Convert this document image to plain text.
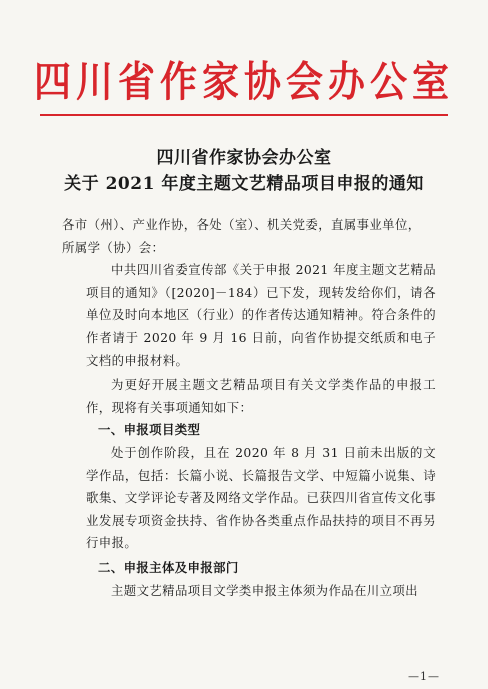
四川省作家协会办公室
四川省作家协会办公室
关于 2021 年度主题文艺精品项目申报的通知

各市（州）、产业作协，各处（室）、机关党委，直属事业单位，

所属学（协）会：

中共四川省委宣传部《关于申报 2021 年度主题文艺精品项目的通知》（[2020]－184）已下发，现转发给你们，请各单位及时向本地区（行业）的作者传达通知精神。符合条件的作者请于 2020 年 9 月 16 日前，向省作协提交纸质和电子文档的申报材料。

为更好开展主题文艺精品项目有关文学类作品的申报工作，现将有关事项通知如下：

一、申报项目类型

处于创作阶段，且在 2020 年 8 月 31 日前未出版的文学作品，包括：长篇小说、长篇报告文学、中短篇小说集、诗歌集、文学评论专著及网络文学作品。已获四川省宣传文化事业发展专项资金扶持、省作协各类重点作品扶持的项目不再另行申报。

二、申报主体及申报部门

主题文艺精品项目文学类申报主体须为作品在川立项出

—1—
